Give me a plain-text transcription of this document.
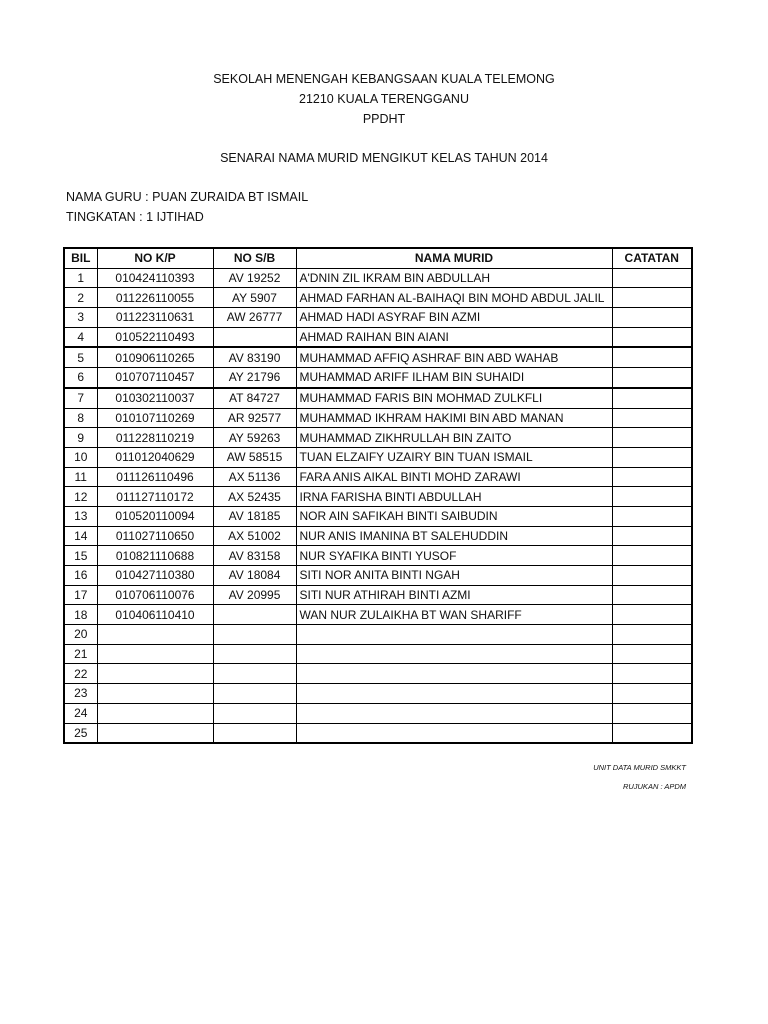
SEKOLAH MENENGAH KEBANGSAAN KUALA TELEMONG
21210 KUALA TERENGGANU
PPDHT
SENARAI NAMA MURID MENGIKUT KELAS TAHUN 2014
NAMA GURU : PUAN ZURAIDA BT ISMAIL
TINGKATAN : 1 IJTIHAD
BIL	NO K/P	NO S/B	NAMA MURID	CATATAN
1	010424110393	AV 19252	A'DNIN ZIL IKRAM BIN ABDULLAH	
2	011226110055	AY 5907	AHMAD FARHAN AL-BAIHAQI BIN MOHD ABDUL JALIL	
3	011223110631	AW 26777	AHMAD HADI ASYRAF BIN AZMI	
4	010522110493		AHMAD RAIHAN BIN AIANI	
5	010906110265	AV 83190	MUHAMMAD AFFIQ ASHRAF BIN ABD WAHAB	
6	010707110457	AY 21796	MUHAMMAD ARIFF ILHAM BIN SUHAIDI	
7	010302110037	AT 84727	MUHAMMAD FARIS BIN MOHMAD ZULKFLI	
8	010107110269	AR 92577	MUHAMMAD IKHRAM HAKIMI BIN ABD MANAN	
9	011228110219	AY 59263	MUHAMMAD ZIKHRULLAH BIN ZAITO	
10	011012040629	AW 58515	TUAN ELZAIFY UZAIRY BIN TUAN ISMAIL	
11	011126110496	AX 51136	FARA ANIS AIKAL BINTI MOHD ZARAWI	
12	011127110172	AX 52435	IRNA FARISHA BINTI ABDULLAH	
13	010520110094	AV 18185	NOR AIN SAFIKAH BINTI SAIBUDIN	
14	011027110650	AX 51002	NUR ANIS IMANINA BT SALEHUDDIN	
15	010821110688	AV 83158	NUR SYAFIKA BINTI YUSOF	
16	010427110380	AV 18084	SITI NOR ANITA BINTI NGAH	
17	010706110076	AV 20995	SITI NUR ATHIRAH BINTI AZMI	
18	010406110410		WAN NUR ZULAIKHA BT WAN SHARIFF	
20				
21				
22				
23				
24				
25				
UNIT DATA MURID SMKKT
RUJUKAN : APDM
